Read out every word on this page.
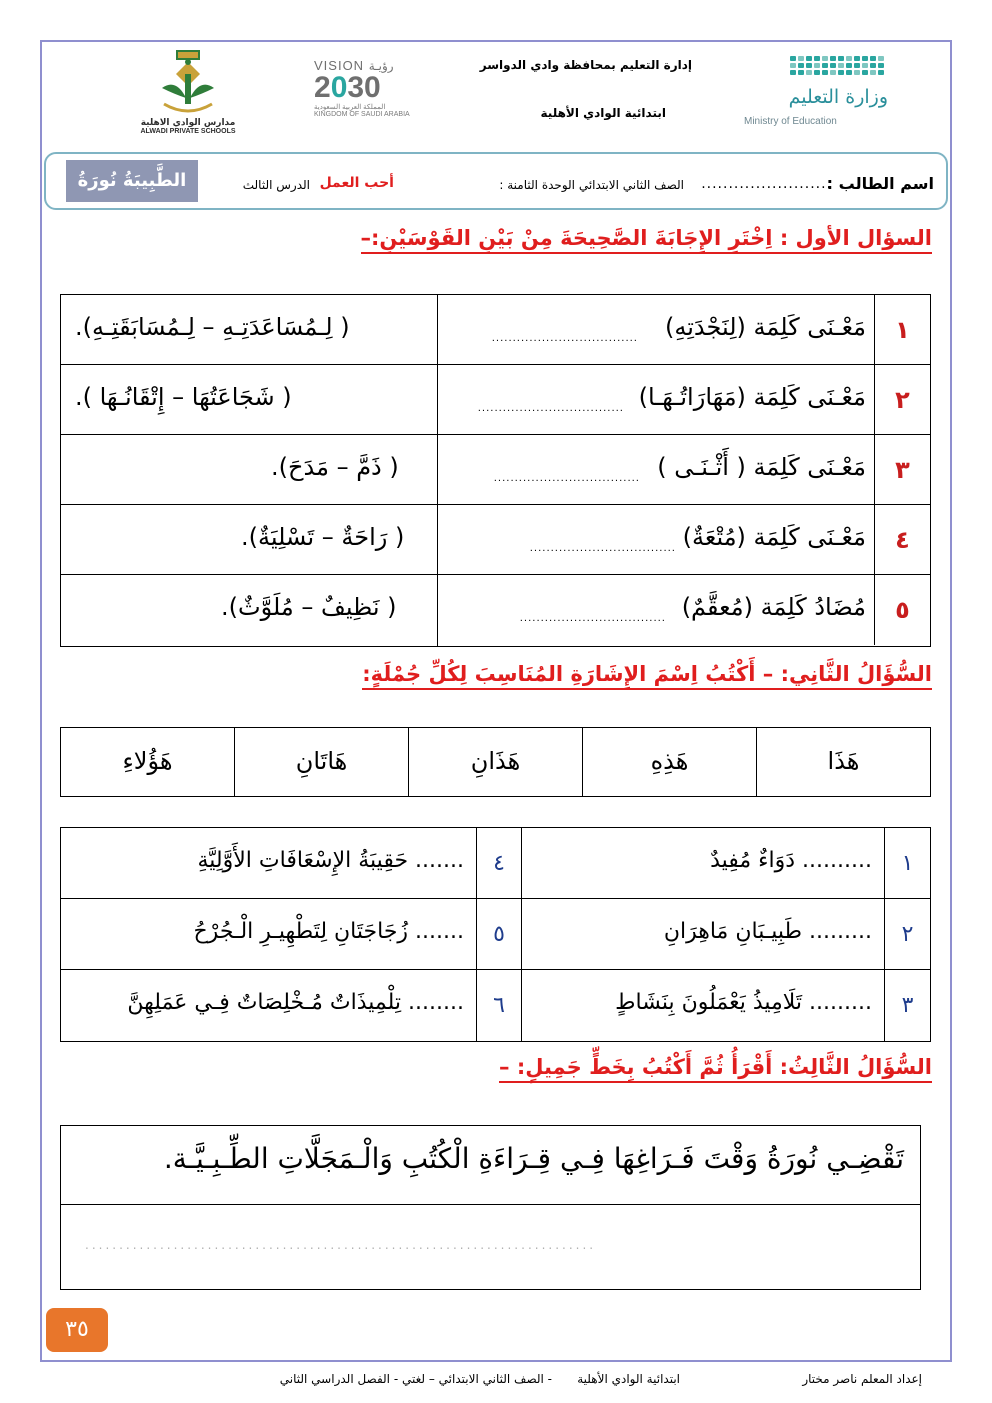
وزارة التعليم
Ministry of Education
إدارة التعليم بمحافظة وادي الدواسر
ابتدائية الوادي الأهلية
VISION رؤيـة
2030
المملكة العربية السعودية
KINGDOM OF SAUDI ARABIA
مدارس الوادي الاهلية
ALWADI PRIVATE SCHOOLS
اسم الطالب :
........................
الصف الثاني الابتدائي الوحدة الثامنة :
أحب العمل
الدرس الثالث
الطَّبِيبَةُ نُورَةُ
السؤال الأول : اِخْتَرِ الإِجَابَةَ الصَّحِيحَةَ مِنْ بَيْنِ القَوْسَيْنِ:–
١
مَعْـنَى كَلِمَة (لِنَجْدَتِهِ)
...................................
( لِـمُسَاعَدَتِـهِ – لِـمُسَابَقَتِـهِ).
٢
مَعْـنَى كَلِمَة (مَهَارَاتُـهَـا)
...................................
( شَجَاعَتُهَا – إِتْقَانُـهَا ).
٣
مَعْـنَى كَلِمَة ( أَثْـنَـى )
...................................
( ذَمَّ – مَدَحَ).
٤
مَعْـنَى كَلِمَة (مُتْعَةٌ)
...................................
( رَاحَةٌ – تَسْلِيَةٌ).
٥
مُضَادُ كَلِمَة (مُعقَّمٌ)
...................................
( نَظِيفٌ – مُلَوَّثٌ).
السُّؤَالُ الثَّانِي: – أَكْتُبُ اِسْمَ الإِشَارَةِ المُنَاسِبَ لِكُلِّ جُمْلَةٍ:
هَذَا
هَذِهِ
هَذَانِ
هَاتَانِ
هَؤُلاءِ
١
.......... دَوَاءٌ مُفِيدٌ
٤
....... حَقِيبَةُ الإِسْعَافَاتِ الأَوَّلِيَّةِ
٢
......... طَبِيـبَانِ مَاهِرَانِ
٥
....... زُجَاجَتَانِ لِتَطْهِيـرِ الْـجُرْحُ
٣
......... تَلَامِيذُ يَعْمَلُونَ بِنَشَاطٍ
٦
........ تِلْمِيذَاتٌ مُـخْلِصَاتٌ فِـي عَمَلِهِنَّ
السُّؤَالُ الثَّالِثُ: أَقْرَأُ ثُمَّ أَكْتُبُ بِخَطٍّ جَمِيلٍ: –
تَقْضِـي نُورَةُ وَقْتَ فَـرَاغِهَا فِـي قِـرَاءَةِ الْكُتُبِ وَالْـمَجَلَّاتِ الطِّـبِـيَّـة.
...........................................................................
٣٥
إعداد المعلم ناصر مختار
ابتدائية الوادي الأهلية
- الصف الثاني الابتدائي – لغتي - الفصل الدراسي الثاني
